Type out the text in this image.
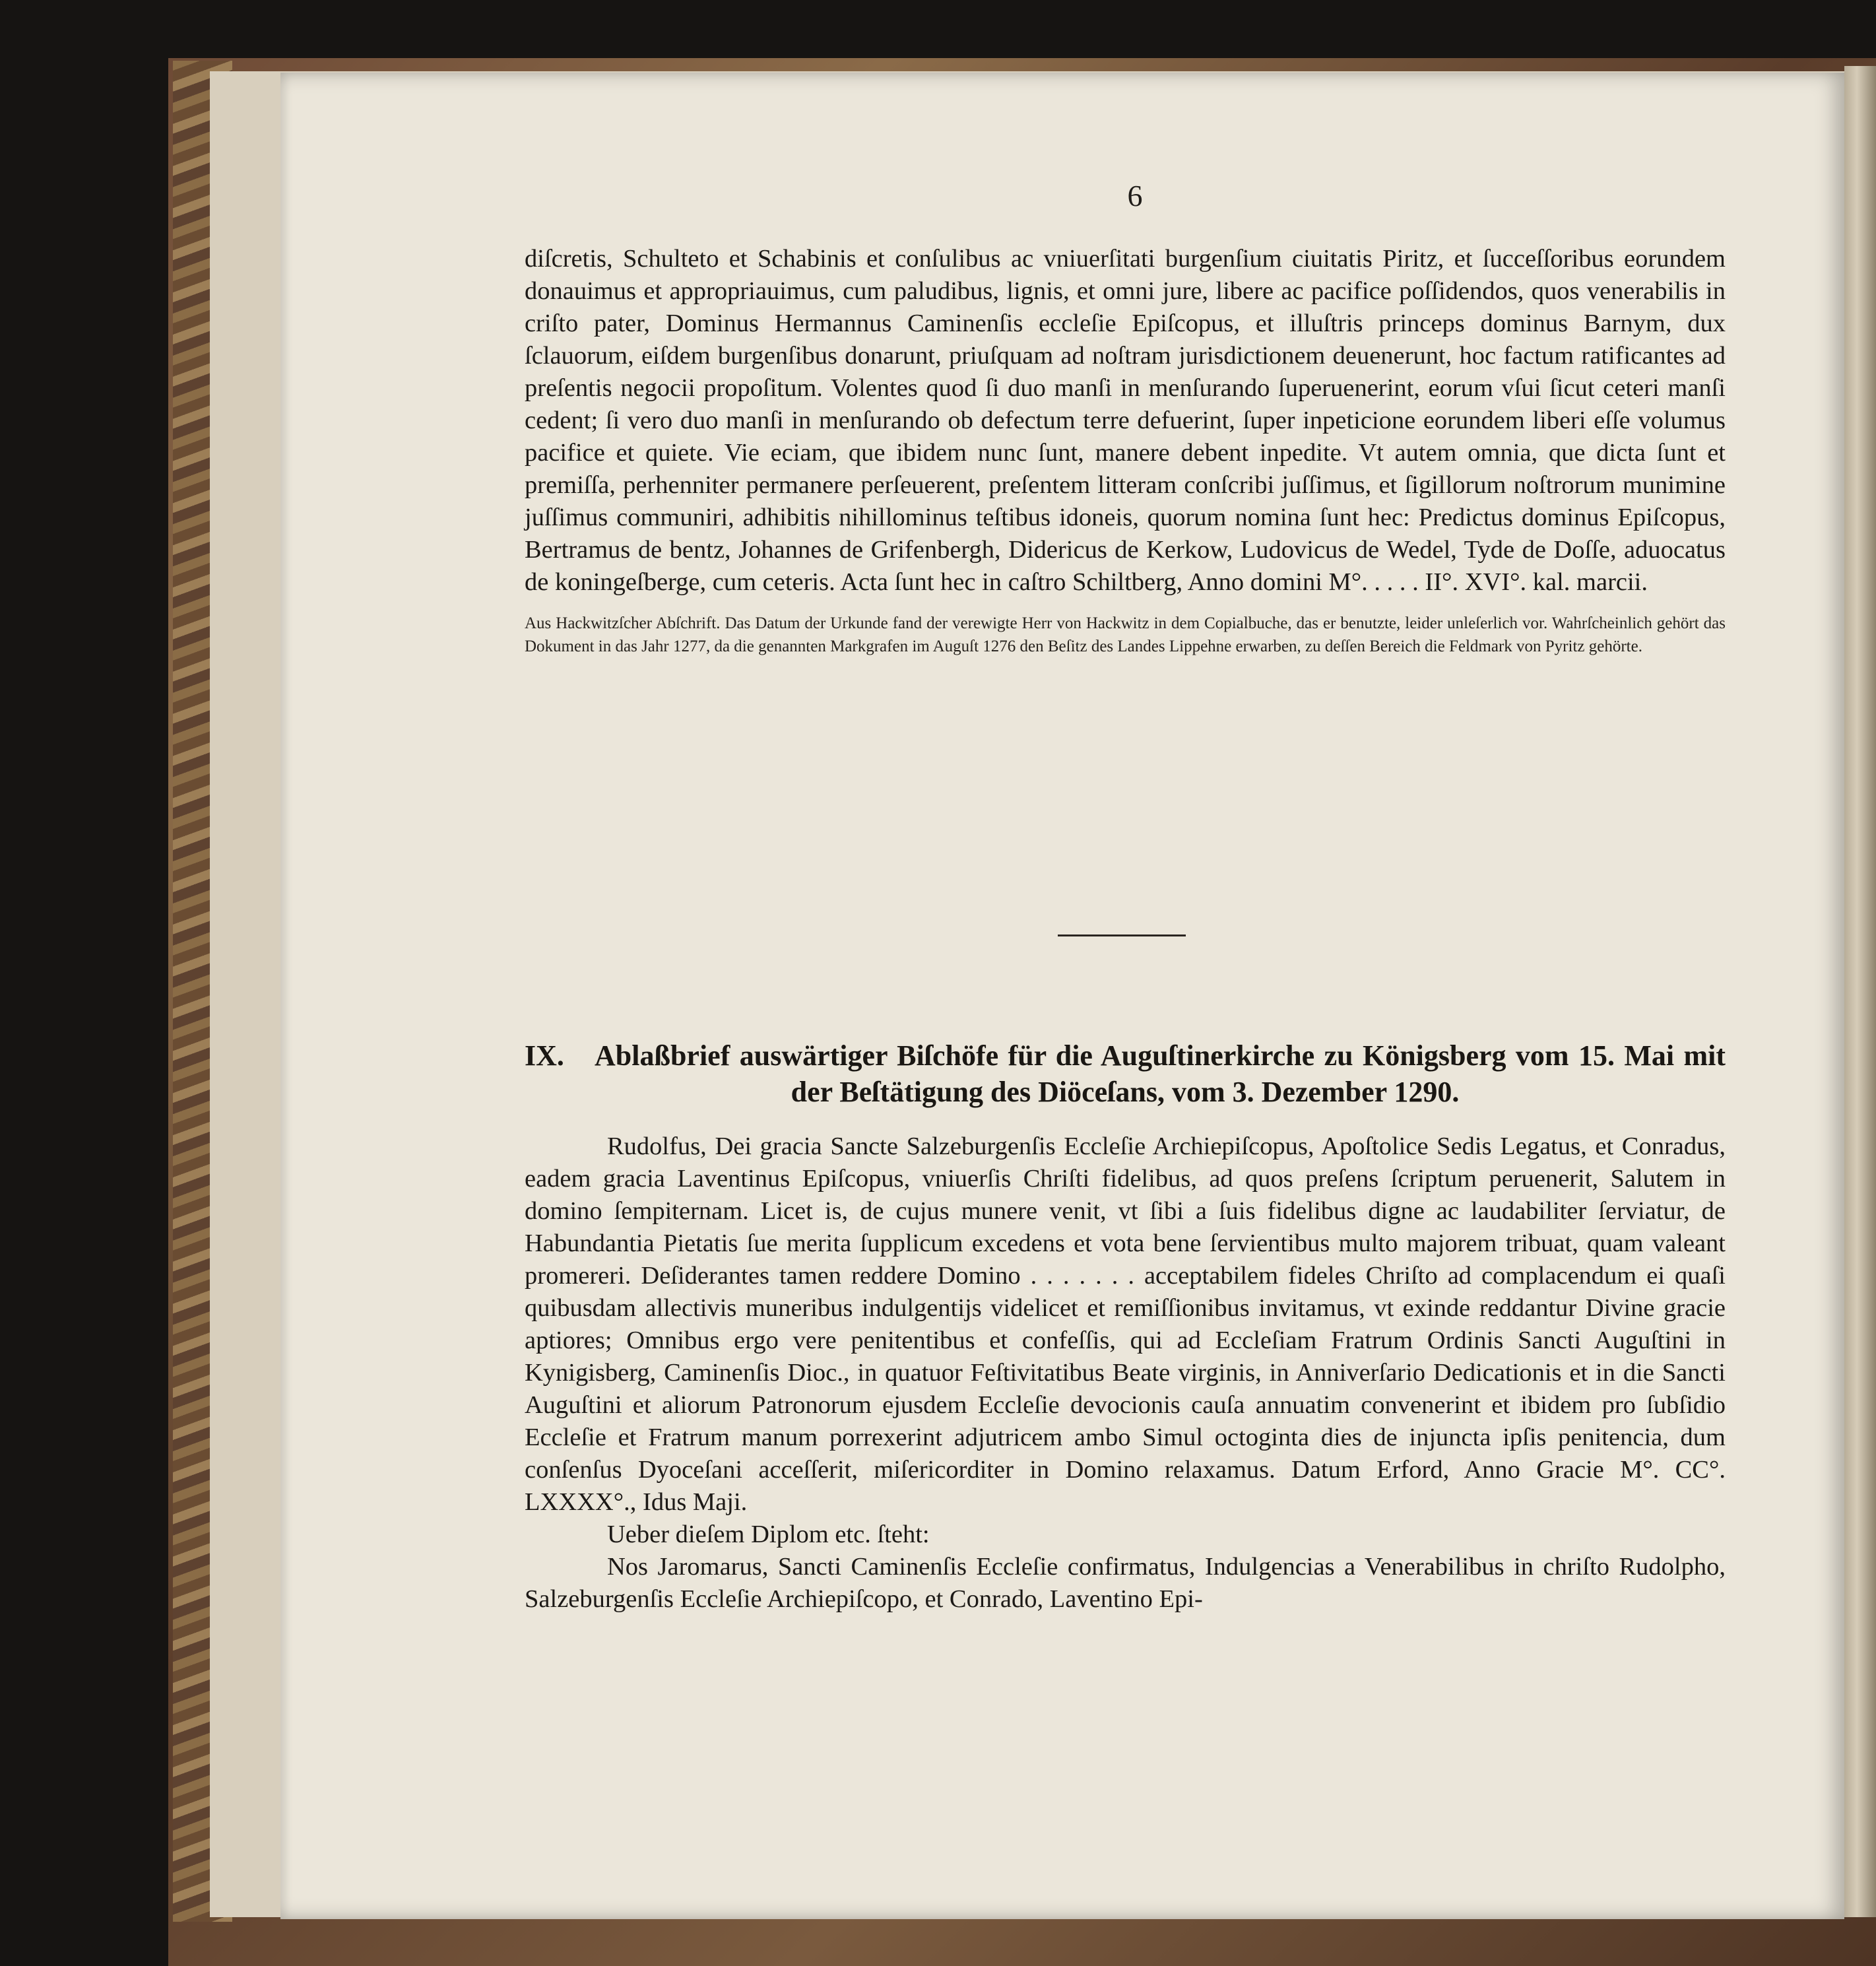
6

diſcretis, Schulteto et Schabinis et conſulibus ac vniuerſitati burgenſium ciuitatis Piritz, et ſucceſſoribus eorundem donauimus et appropriauimus, cum paludibus, lignis, et omni jure, libere ac pacifice poſſidendos, quos venerabilis in criſto pater, Dominus Hermannus Caminenſis eccleſie Epiſcopus, et illuſtris princeps dominus Barnym, dux ſclauorum, eiſdem burgenſibus donarunt, priuſquam ad noſtram jurisdictionem deuenerunt, hoc factum ratificantes ad preſentis negocii propoſitum. Volentes quod ſi duo manſi in menſurando ſuperuenerint, eorum vſui ſicut ceteri manſi cedent; ſi vero duo manſi in menſurando ob defectum terre defuerint, ſuper inpeticione eorundem liberi eſſe volumus pacifice et quiete. Vie eciam, que ibidem nunc ſunt, manere debent inpedite. Vt autem omnia, que dicta ſunt et premiſſa, perhenniter permanere perſeuerent, preſentem litteram conſcribi juſſimus, et ſigillorum noſtrorum munimine juſſimus communiri, adhibitis nihillominus teſtibus idoneis, quorum nomina ſunt hec: Predictus dominus Epiſcopus, Bertramus de bentz, Johannes de Grifenbergh, Didericus de Kerkow, Ludovicus de Wedel, Tyde de Doſſe, aduocatus de koningeſberge, cum ceteris. Acta ſunt hec in caſtro Schiltberg, Anno domini M°. . . . . II°. XVI°. kal. marcii.

Aus Hackwitzſcher Abſchrift. Das Datum der Urkunde fand der verewigte Herr von Hackwitz in dem Copialbuche, das er benutzte, leider unleſerlich vor. Wahrſcheinlich gehört das Dokument in das Jahr 1277, da die genannten Markgrafen im Auguſt 1276 den Beſitz des Landes Lippehne erwarben, zu deſſen Bereich die Feldmark von Pyritz gehörte.

IX. Ablaßbrief auswärtiger Biſchöfe für die Auguſtinerkirche zu Königsberg vom 15. Mai mit
der Beſtätigung des Diöceſans, vom 3. Dezember 1290.

Rudolfus, Dei gracia Sancte Salzeburgenſis Eccleſie Archiepiſcopus, Apoſtolice Sedis Legatus, et Conradus, eadem gracia Laventinus Epiſcopus, vniuerſis Chriſti fidelibus, ad quos preſens ſcriptum peruenerit, Salutem in domino ſempiternam. Licet is, de cujus munere venit, vt ſibi a ſuis fidelibus digne ac laudabiliter ſerviatur, de Habundantia Pietatis ſue merita ſupplicum excedens et vota bene ſervientibus multo majorem tribuat, quam valeant promereri. Deſiderantes tamen reddere Domino . . . . . . . acceptabilem fideles Chriſto ad complacendum ei quaſi quibusdam allectivis muneribus indulgentijs videlicet et remiſſionibus invitamus, vt exinde reddantur Divine gracie aptiores; Omnibus ergo vere penitentibus et confeſſis, qui ad Eccleſiam Fratrum Ordinis Sancti Auguſtini in Kynigisberg, Caminenſis Dioc., in quatuor Feſtivitatibus Beate virginis, in Anniverſario Dedicationis et in die Sancti Auguſtini et aliorum Patronorum ejusdem Eccleſie devocionis cauſa annuatim convenerint et ibidem pro ſubſidio Eccleſie et Fratrum manum porrexerint adjutricem ambo Simul octoginta dies de injuncta ipſis penitencia, dum conſenſus Dyoceſani acceſſerit, miſericorditer in Domino relaxamus. Datum Erford, Anno Gracie M°. CC°. LXXXX°., Idus Maji.

Ueber dieſem Diplom etc. ſteht:

Nos Jaromarus, Sancti Caminenſis Eccleſie confirmatus, Indulgencias a Venerabilibus in chriſto Rudolpho, Salzeburgenſis Eccleſie Archiepiſcopo, et Conrado, Laventino Epi-
